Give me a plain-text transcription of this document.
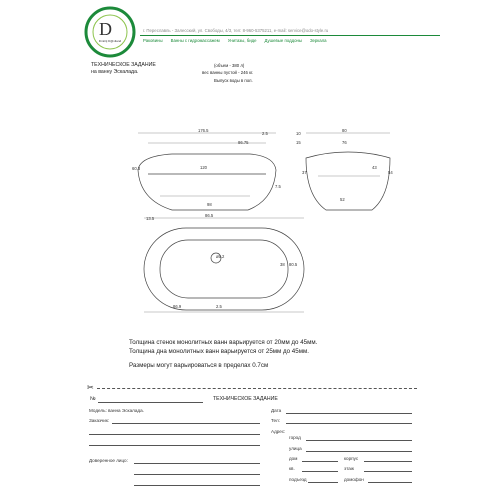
D
Dmitrij D@viland
г. Переславль - Залесский, ул. Свободы, 4/3, тел: 8-960-5375211, e-mail: service@odo-style.ru
Раковины Ванны с гидромассажем Унитазы, биде Душевые поддоны Зеркала
ТЕХНИЧЕСКОЕ ЗАДАНИЕ
на ванну Эскалада.
(объем - 380 л)
вес ванны пустой - 246 кг.
Выпуск воды в пол.
176.5
86.75
2.5
60.3	120
98
7.5
80
10
15	76
37
43
54
52
13.5
86.5
ø5.2
38 80.5
86.9	2.5
Толщина стенок монолитных ванн варьируется от 20мм до 45мм.
Толщина дна монолитных ванн варьируется от 25мм до 45мм.
Размеры могут варьироваться в пределах 0.7см
✂
№	ТЕХНИЧЕСКОЕ ЗАДАНИЕ
Модель: ванна Эскалада.	Дата
Заказчик:	Тел:
Адрес:
город
улица
дом	корпус
Доверенное лицо:
кв.	этаж
подъезд	домофон
